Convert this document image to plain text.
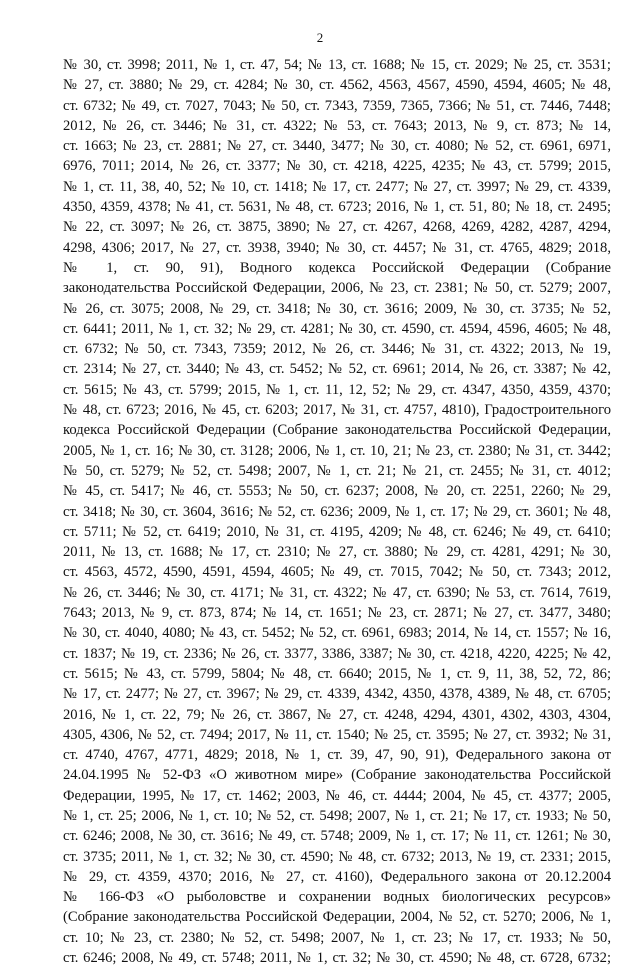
2
№ 30, ст. 3998; 2011, № 1, ст. 47, 54; № 13, ст. 1688; № 15, ст. 2029; № 25, ст. 3531;
№ 27, ст. 3880; № 29, ст. 4284; № 30, ст. 4562, 4563, 4567, 4590, 4594, 4605; № 48,
ст. 6732; № 49, ст. 7027, 7043; № 50, ст. 7343, 7359, 7365, 7366; № 51, ст. 7446, 7448;
2012, № 26, ст. 3446; № 31, ст. 4322; № 53, ст. 7643; 2013, № 9, ст. 873; № 14,
ст. 1663; № 23, ст. 2881; № 27, ст. 3440, 3477; № 30, ст. 4080; № 52, ст. 6961, 6971,
6976, 7011; 2014, № 26, ст. 3377; № 30, ст. 4218, 4225, 4235; № 43, ст. 5799; 2015,
№ 1, ст. 11, 38, 40, 52; № 10, ст. 1418; № 17, ст. 2477; № 27, ст. 3997; № 29, ст. 4339,
4350, 4359, 4378; № 41, ст. 5631, № 48, ст. 6723; 2016, № 1, ст. 51, 80; № 18, ст. 2495;
№ 22, ст. 3097; № 26, ст. 3875, 3890; № 27, ст. 4267, 4268, 4269, 4282, 4287, 4294,
4298, 4306; 2017, № 27, ст. 3938, 3940; № 30, ст. 4457; № 31, ст. 4765, 4829; 2018,
№ 1, ст. 90, 91), Водного кодекса Российской Федерации (Собрание
законодательства Российской Федерации, 2006, № 23, ст. 2381; № 50, ст. 5279; 2007,
№ 26, ст. 3075; 2008, № 29, ст. 3418; № 30, ст. 3616; 2009, № 30, ст. 3735; № 52,
ст. 6441; 2011, № 1, ст. 32; № 29, ст. 4281; № 30, ст. 4590, ст. 4594, 4596, 4605; № 48,
ст. 6732; № 50, ст. 7343, 7359; 2012, № 26, ст. 3446; № 31, ст. 4322; 2013, № 19,
ст. 2314; № 27, ст. 3440; № 43, ст. 5452; № 52, ст. 6961; 2014, № 26, ст. 3387; № 42,
ст. 5615; № 43, ст. 5799; 2015, № 1, ст. 11, 12, 52; № 29, ст. 4347, 4350, 4359, 4370;
№ 48, ст. 6723; 2016, № 45, ст. 6203; 2017, № 31, ст. 4757, 4810), Градостроительного
кодекса Российской Федерации (Собрание законодательства Российской Федерации,
2005, № 1, ст. 16; № 30, ст. 3128; 2006, № 1, ст. 10, 21; № 23, ст. 2380; № 31, ст. 3442;
№ 50, ст. 5279; № 52, ст. 5498; 2007, № 1, ст. 21; № 21, ст. 2455; № 31, ст. 4012;
№ 45, ст. 5417; № 46, ст. 5553; № 50, ст. 6237; 2008, № 20, ст. 2251, 2260; № 29,
ст. 3418; № 30, ст. 3604, 3616; № 52, ст. 6236; 2009, № 1, ст. 17; № 29, ст. 3601; № 48,
ст. 5711; № 52, ст. 6419; 2010, № 31, ст. 4195, 4209; № 48, ст. 6246; № 49, ст. 6410;
2011, № 13, ст. 1688; № 17, ст. 2310; № 27, ст. 3880; № 29, ст. 4281, 4291; № 30,
ст. 4563, 4572, 4590, 4591, 4594, 4605; № 49, ст. 7015, 7042; № 50, ст. 7343; 2012,
№ 26, ст. 3446; № 30, ст. 4171; № 31, ст. 4322; № 47, ст. 6390; № 53, ст. 7614, 7619,
7643; 2013, № 9, ст. 873, 874; № 14, ст. 1651; № 23, ст. 2871; № 27, ст. 3477, 3480;
№ 30, ст. 4040, 4080; № 43, ст. 5452; № 52, ст. 6961, 6983; 2014, № 14, ст. 1557; № 16,
ст. 1837; № 19, ст. 2336; № 26, ст. 3377, 3386, 3387; № 30, ст. 4218, 4220, 4225; № 42,
ст. 5615; № 43, ст. 5799, 5804; № 48, ст. 6640; 2015, № 1, ст. 9, 11, 38, 52, 72, 86;
№ 17, ст. 2477; № 27, ст. 3967; № 29, ст. 4339, 4342, 4350, 4378, 4389, № 48, ст. 6705;
2016, № 1, ст. 22, 79; № 26, ст. 3867, № 27, ст. 4248, 4294, 4301, 4302, 4303, 4304,
4305, 4306, № 52, ст. 7494; 2017, № 11, ст. 1540; № 25, ст. 3595; № 27, ст. 3932; № 31,
ст. 4740, 4767, 4771, 4829; 2018, № 1, ст. 39, 47, 90, 91), Федерального закона от
24.04.1995 № 52-ФЗ «О животном мире» (Собрание законодательства Российской
Федерации, 1995, № 17, ст. 1462; 2003, № 46, ст. 4444; 2004, № 45, ст. 4377; 2005,
№ 1, ст. 25; 2006, № 1, ст. 10; № 52, ст. 5498; 2007, № 1, ст. 21; № 17, ст. 1933; № 50,
ст. 6246; 2008, № 30, ст. 3616; № 49, ст. 5748; 2009, № 1, ст. 17; № 11, ст. 1261; № 30,
ст. 3735; 2011, № 1, ст. 32; № 30, ст. 4590; № 48, ст. 6732; 2013, № 19, ст. 2331; 2015,
№ 29, ст. 4359, 4370; 2016, № 27, ст. 4160), Федерального закона от 20.12.2004
№ 166-ФЗ «О рыболовстве и сохранении водных биологических ресурсов»
(Собрание законодательства Российской Федерации, 2004, № 52, ст. 5270; 2006, № 1,
ст. 10; № 23, ст. 2380; № 52, ст. 5498; 2007, № 1, ст. 23; № 17, ст. 1933; № 50,
ст. 6246; 2008, № 49, ст. 5748; 2011, № 1, ст. 32; № 30, ст. 4590; № 48, ст. 6728, 6732;
